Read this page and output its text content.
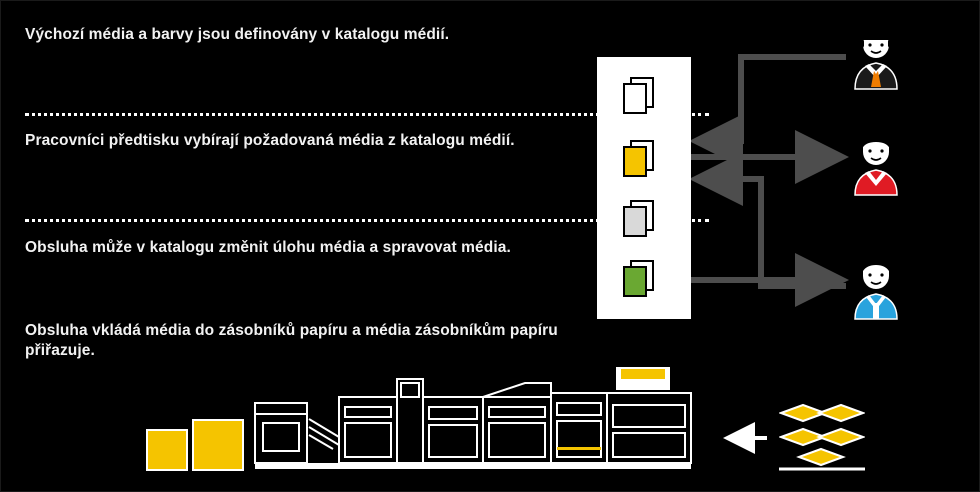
Výchozí média a barvy jsou definovány v katalogu médií.
Pracovníci předtisku vybírají požadovaná média z katalogu médií.
Obsluha může v katalogu změnit úlohu média a spravovat média.
Obsluha vkládá média do zásobníků papíru a média zásobníkům papíru přiřazuje.
